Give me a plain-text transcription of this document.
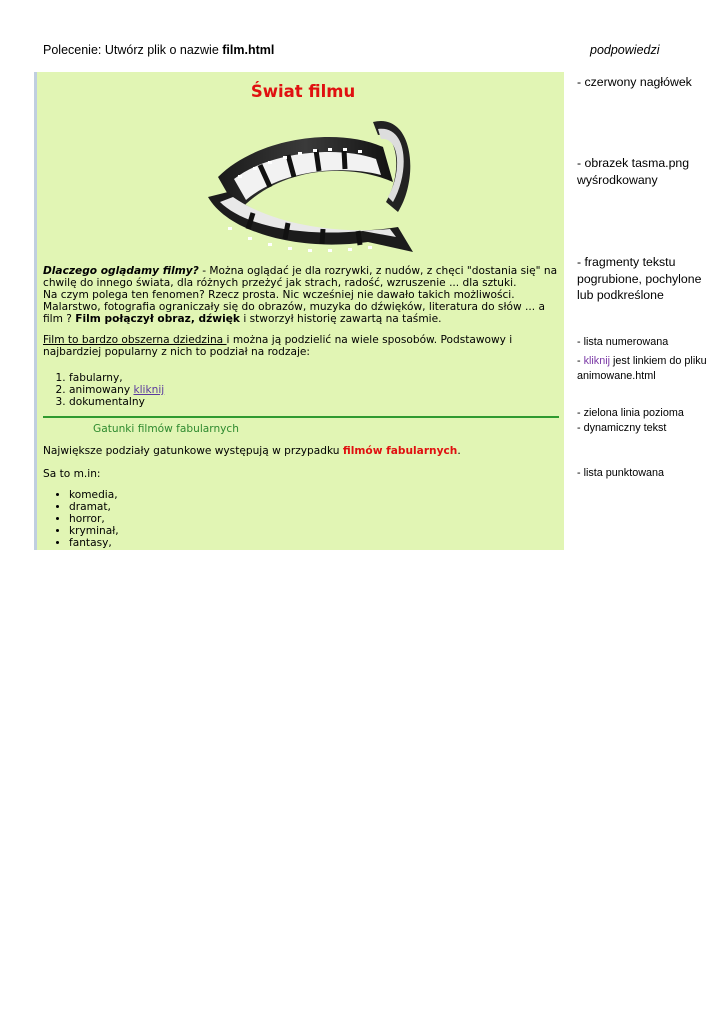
Polecenie: Utwórz plik o nazwie film.html	podpowiedzi
Świat filmu
Dlaczego oglądamy filmy? - Można oglądać je dla rozrywki, z nudów, z chęci "dostania się" na chwilę do innego świata, dla różnych przeżyć jak strach, radość, wzruszenie ... dla sztuki.
Na czym polega ten fenomen? Rzecz prosta. Nic wcześniej nie dawało takich możliwości. Malarstwo, fotografia ograniczały się do obrazów, muzyka do dźwięków, literatura do słów ... a film ? Film połączył obraz, dźwięk i stworzył historię zawartą na taśmie.
Film to bardzo obszerna dziedzina i można ją podzielić na wiele sposobów. Podstawowy i najbardziej popularny z nich to podział na rodzaje:
1. fabularny,
2. animowany kliknij
3. dokumentalny
Gatunki filmów fabularnych
Największe podziały gatunkowe występują w przypadku filmów fabularnych.
Sa to m.in:
• komedia,
• dramat,
• horror,
• kryminał,
• fantasy,
- czerwony nagłówek
- obrazek tasma.png wyśrodkowany
- fragmenty tekstu pogrubione, pochylone lub podkreślone
- lista numerowana
- kliknij jest linkiem do pliku animowane.html
- zielona linia pozioma
- dynamiczny tekst
- lista punktowana
